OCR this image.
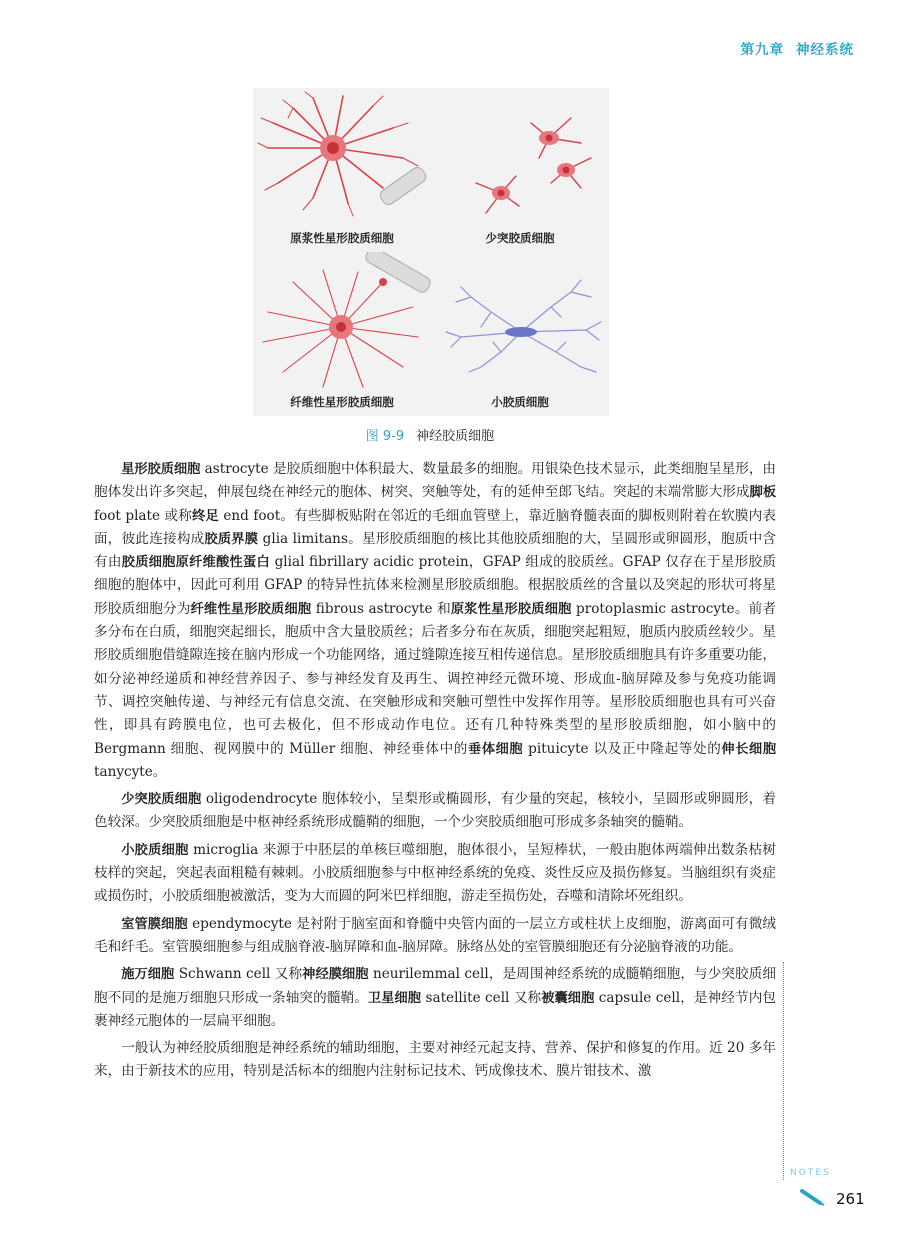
第九章 神经系统
原浆性星形胶质细胞	少突胶质细胞
纤维性星形胶质细胞	小胶质细胞
图 9-9 神经胶质细胞

星形胶质细胞 astrocyte 是胶质细胞中体积最大、数量最多的细胞。用银染色技术显示，此类细胞呈星形，由胞体发出许多突起，伸展包绕在神经元的胞体、树突、突触等处，有的延伸至郎飞结。突起的末端常膨大形成脚板 foot plate 或称终足 end foot。有些脚板贴附在邻近的毛细血管壁上，靠近脑脊髓表面的脚板则附着在软膜内表面，彼此连接构成胶质界膜 glia limitans。星形胶质细胞的核比其他胶质细胞的大，呈圆形或卵圆形，胞质中含有由胶质细胞原纤维酸性蛋白 glial fibrillary acidic protein，GFAP 组成的胶质丝。GFAP 仅存在于星形胶质细胞的胞体中，因此可利用 GFAP 的特异性抗体来检测星形胶质细胞。根据胶质丝的含量以及突起的形状可将星形胶质细胞分为纤维性星形胶质细胞 fibrous astrocyte 和原浆性星形胶质细胞 protoplasmic astrocyte。前者多分布在白质，细胞突起细长，胞质中含大量胶质丝；后者多分布在灰质，细胞突起粗短，胞质内胶质丝较少。星形胶质细胞借缝隙连接在脑内形成一个功能网络，通过缝隙连接互相传递信息。星形胶质细胞具有许多重要功能，如分泌神经递质和神经营养因子、参与神经发育及再生、调控神经元微环境、形成血-脑屏障及参与免疫功能调节、调控突触传递、与神经元有信息交流、在突触形成和突触可塑性中发挥作用等。星形胶质细胞也具有可兴奋性，即具有跨膜电位，也可去极化，但不形成动作电位。还有几种特殊类型的星形胶质细胞，如小脑中的 Bergmann 细胞、视网膜中的 Müller 细胞、神经垂体中的垂体细胞 pituicyte 以及正中隆起等处的伸长细胞 tanycyte。

少突胶质细胞 oligodendrocyte 胞体较小，呈梨形或椭圆形，有少量的突起，核较小，呈圆形或卵圆形，着色较深。少突胶质细胞是中枢神经系统形成髓鞘的细胞，一个少突胶质细胞可形成多条轴突的髓鞘。

小胶质细胞 microglia 来源于中胚层的单核巨噬细胞，胞体很小，呈短棒状，一般由胞体两端伸出数条枯树枝样的突起，突起表面粗糙有棘刺。小胶质细胞参与中枢神经系统的免疫、炎性反应及损伤修复。当脑组织有炎症或损伤时，小胶质细胞被激活，变为大而圆的阿米巴样细胞，游走至损伤处，吞噬和清除坏死组织。

室管膜细胞 ependymocyte 是衬附于脑室面和脊髓中央管内面的一层立方或柱状上皮细胞，游离面可有微绒毛和纤毛。室管膜细胞参与组成脑脊液-脑屏障和血-脑屏障。脉络丛处的室管膜细胞还有分泌脑脊液的功能。

施万细胞 Schwann cell 又称神经膜细胞 neurilemmal cell，是周围神经系统的成髓鞘细胞，与少突胶质细胞不同的是施万细胞只形成一条轴突的髓鞘。卫星细胞 satellite cell 又称被囊细胞 capsule cell，是神经节内包裹神经元胞体的一层扁平细胞。

一般认为神经胶质细胞是神经系统的辅助细胞，主要对神经元起支持、营养、保护和修复的作用。近 20 多年来，由于新技术的应用，特别是活标本的细胞内注射标记技术、钙成像技术、膜片钳技术、激

NOTES
261
